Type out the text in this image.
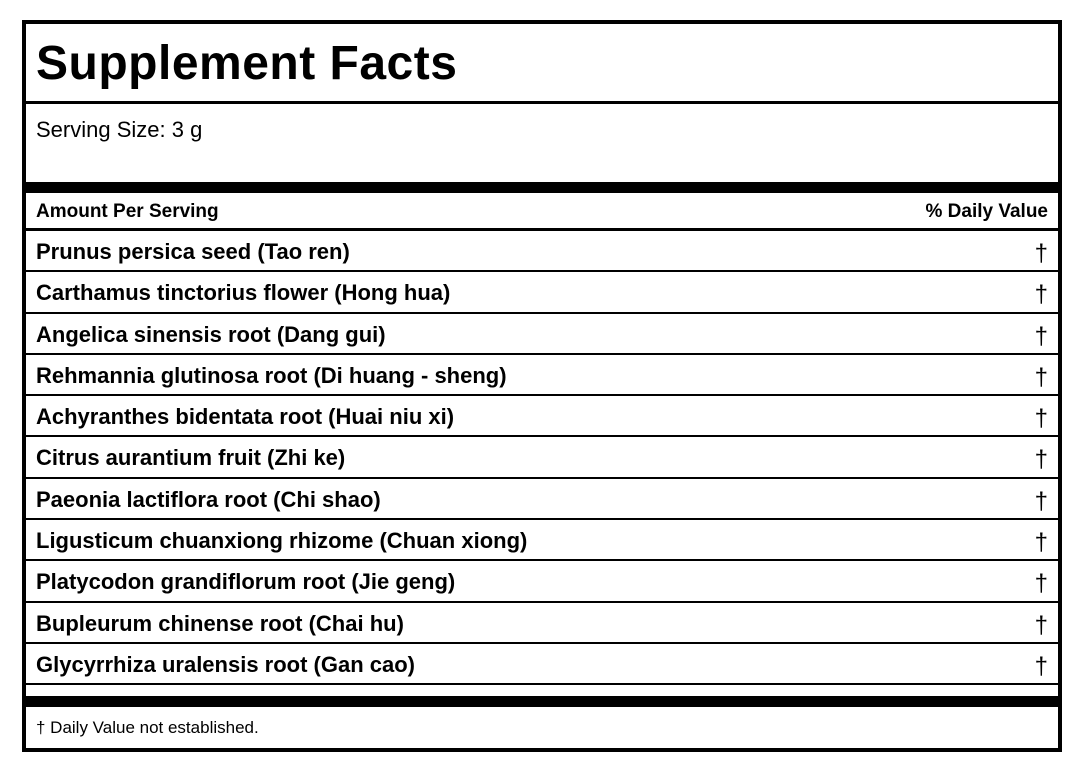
Supplement Facts
Serving Size: 3 g
Amount Per Serving	% Daily Value
Prunus persica seed (Tao ren)	†
Carthamus tinctorius flower (Hong hua)	†
Angelica sinensis root (Dang gui)	†
Rehmannia glutinosa root (Di huang - sheng)	†
Achyranthes bidentata root (Huai niu xi)	†
Citrus aurantium fruit (Zhi ke)	†
Paeonia lactiflora root (Chi shao)	†
Ligusticum chuanxiong rhizome (Chuan xiong)	†
Platycodon grandiflorum root (Jie geng)	†
Bupleurum chinense root (Chai hu)	†
Glycyrrhiza uralensis root (Gan cao)	†
† Daily Value not established.
